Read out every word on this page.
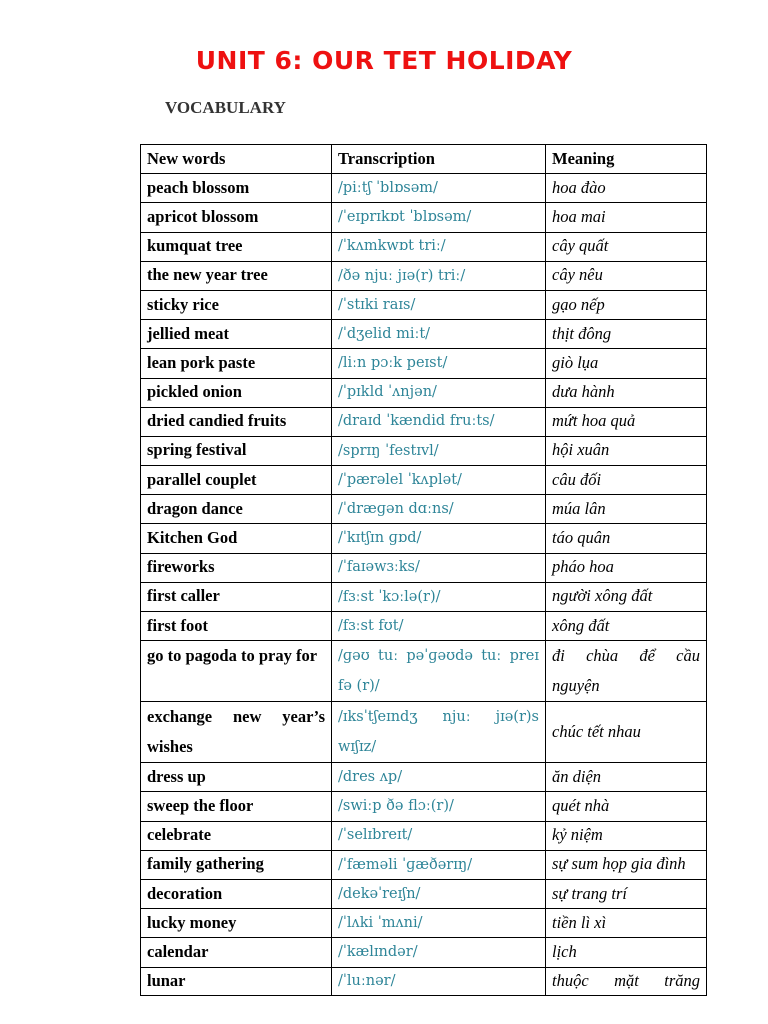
UNIT 6: OUR TET HOLIDAY
VOCABULARY
New words	Transcription	Meaning
peach blossom	/piːtʃ ˈblɒsəm/	hoa đào
apricot blossom	/ˈeɪprɪkɒt ˈblɒsəm/	hoa mai
kumquat tree	/ˈkʌmkwɒt triː/	cây quất
the new year tree	/ðə njuː jɪə(r) triː/	cây nêu
sticky rice	/ˈstɪki raɪs/	gạo nếp
jellied meat	/ˈdʒelid miːt/	thịt đông
lean pork paste	/liːn pɔːk peɪst/	giò lụa
pickled onion	/ˈpɪkld ˈʌnjən/	dưa hành
dried candied fruits	/draɪd ˈkændid fruːts/	mứt hoa quả
spring festival	/sprɪŋ ˈfestɪvl/	hội xuân
parallel couplet	/ˈpærəlel ˈkʌplət/	câu đối
dragon dance	/ˈdræɡən dɑːns/	múa lân
Kitchen God	/ˈkɪtʃɪn ɡɒd/	táo quân
fireworks	/ˈfaɪəwɜːks/	pháo hoa
first caller	/fɜːst ˈkɔːlə(r)/	người xông đất
first foot	/fɜːst fʊt/	xông đất
go to pagoda to pray for	/ɡəʊ tuː pəˈɡəʊdə tuː preɪ fə (r)/	đi chùa để cầu nguyện
exchange new year’s wishes	/ɪksˈtʃeɪndʒ njuː jɪə(r)s wɪʃɪz/	chúc tết nhau
dress up	/dres ʌp/	ăn diện
sweep the floor	/swiːp ðə flɔː(r)/	quét nhà
celebrate	/ˈselɪbreɪt/	kỷ niệm
family gathering	/ˈfæməli ˈɡæðərɪŋ/	sự sum họp gia đình
decoration	/dekəˈreɪʃn/	sự trang trí
lucky money	/ˈlʌki ˈmʌni/	tiền lì xì
calendar	/ˈkælɪndər/	lịch
lunar	/ˈluːnər/	thuộc mặt trăng
